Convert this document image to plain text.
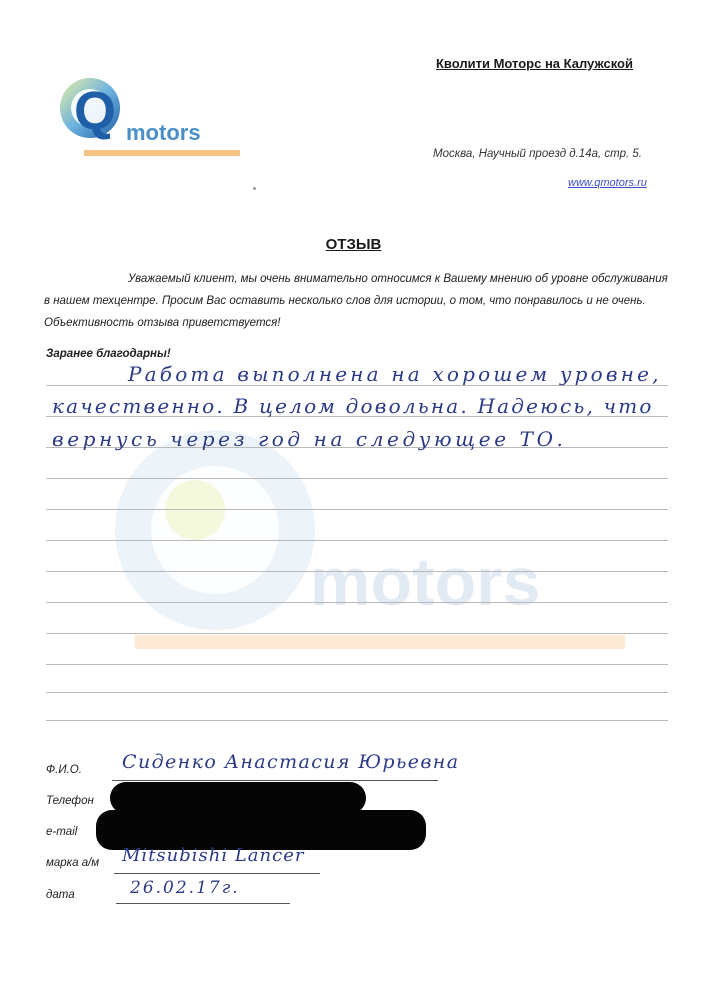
Q motors
motors
Кволити Моторс на Калужской
Москва, Научный проезд д.14а, стр. 5.
www.qmotors.ru
ОТЗЫВ
Уважаемый клиент, мы очень внимательно относимся к Вашему мнению об уровне обслуживания в нашем техцентре. Просим Вас оставить несколько слов для истории, о том, что понравилось и не очень. Объективность отзыва приветствуется!
Заранее благодарны!
Работа выполнена на хорошем уровне,
качественно. В целом довольна. Надеюсь, что
вернусь через год на следующее ТО.
Ф.И.О. Сиденко Анастасия Юрьевна
Телефон
e-mail
марка а/м Mitsubishi Lancer
дата	26.02.17г.
